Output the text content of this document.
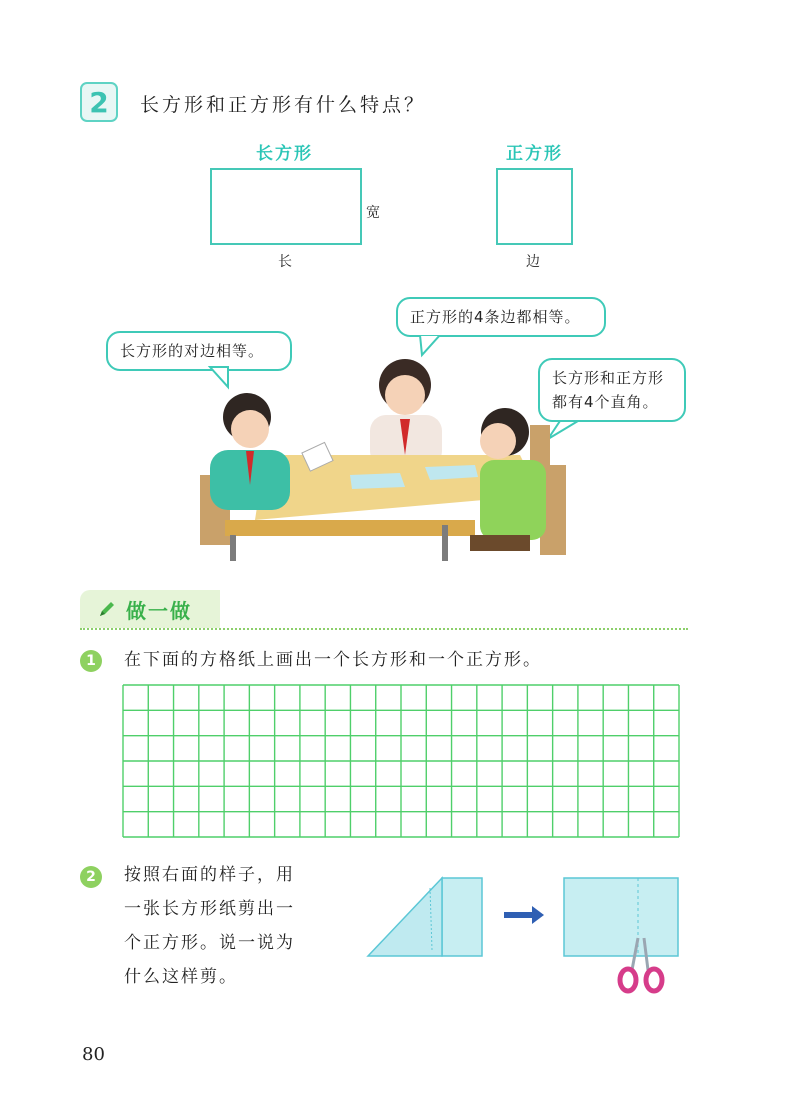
2	长方形和正方形有什么特点？
长方形
宽
长
正方形
边
长方形的对边相等。
正方形的4条边都相等。
长方形和正方形
都有4个直角。
做一做
1	在下面的方格纸上画出一个长方形和一个正方形。
2	按照右面的样子，用
一张长方形纸剪出一
个正方形。说一说为
什么这样剪。
80
